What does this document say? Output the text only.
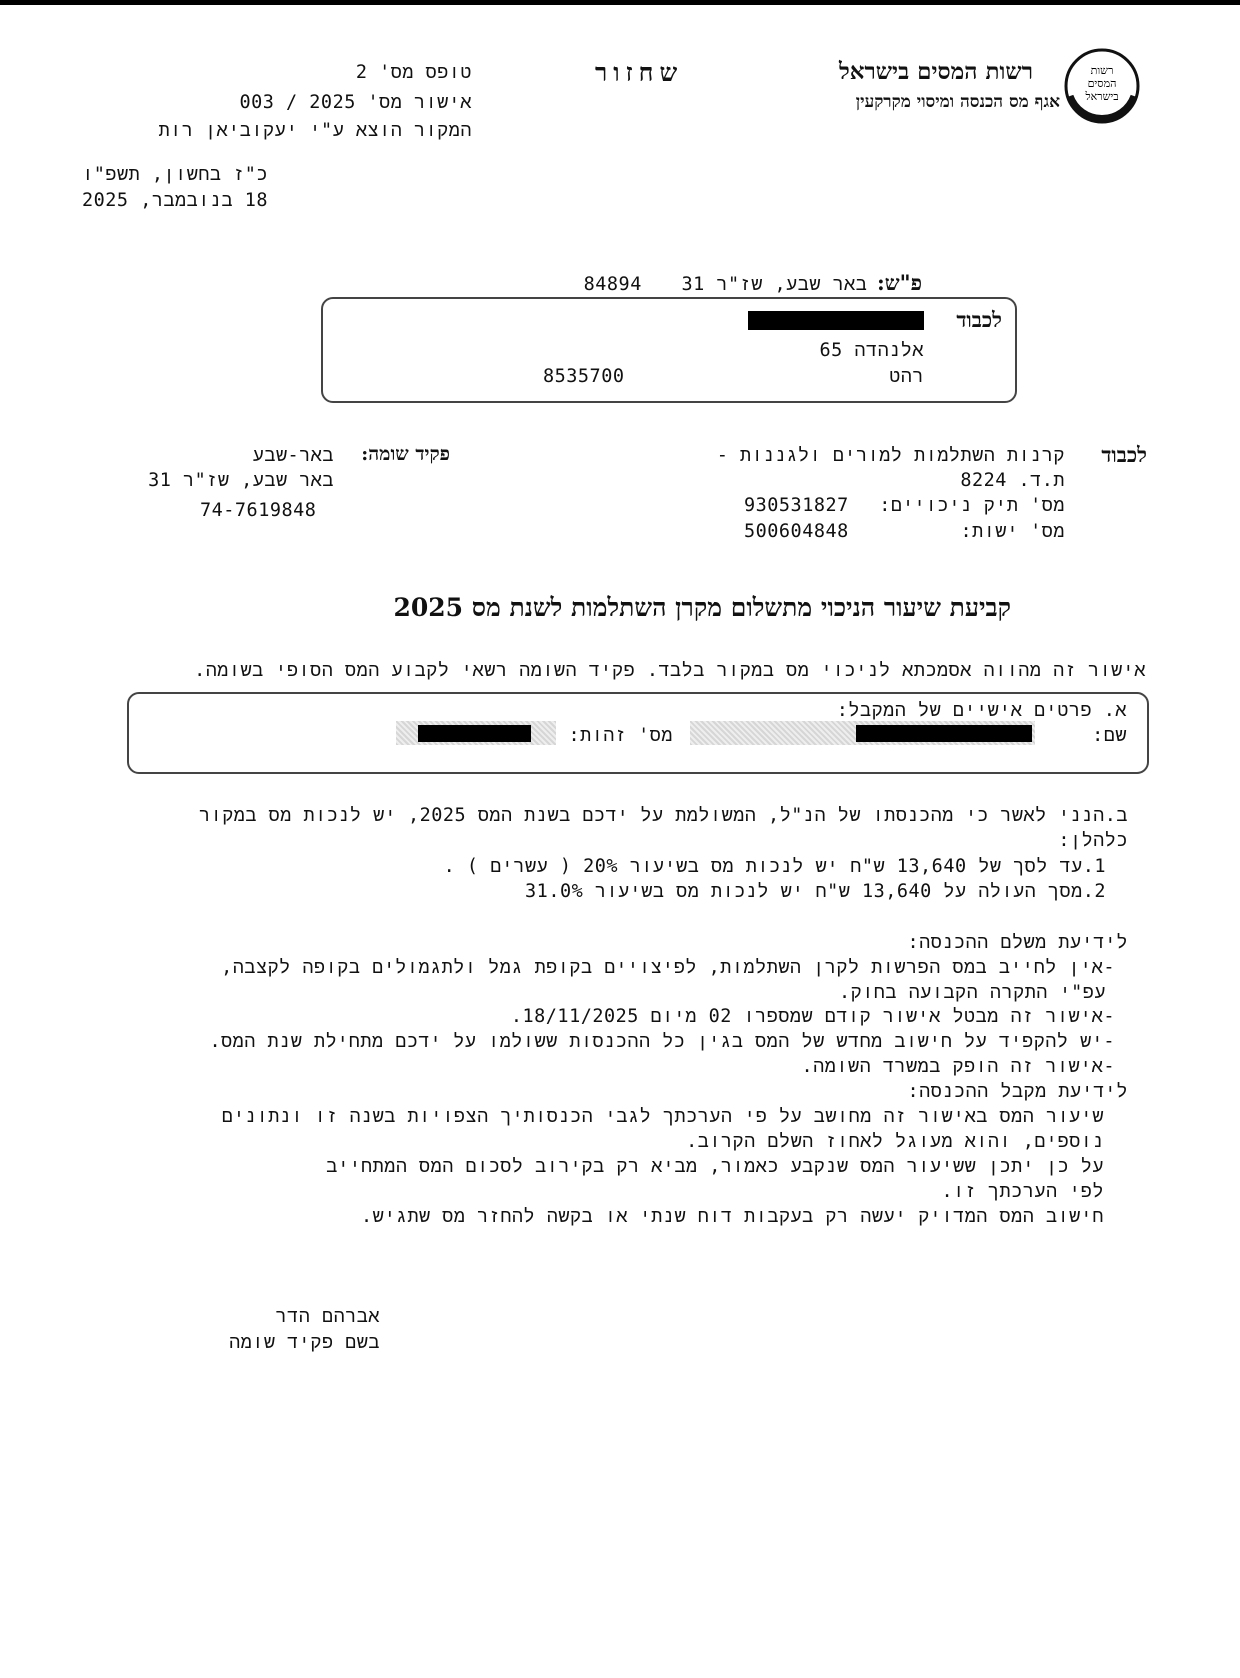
רשות
המסים
בישראל
רשות המסים בישראל
אגף מס הכנסה ומיסוי מקרקעין
שחזור
טופס מס' 2
אישור מס' 2025 / 003
המקור הוצא ע"י יעקוביאן רות
כ"ז בחשון, תשפ"ו
18 בנובמבר, 2025
פ"ש: באר שבע, שז"ר 31 84894
לכבוד
אלנהדה 65
רהט
8535700
לכבוד
קרנות השתלמות למורים ולגננות -
ת.ד. 8224
מס' תיק ניכויים:
930531827
מס' ישות:
500604848
פקיד שומה:
באר-שבע
באר שבע, שז"ר 31
74-7619848
קביעת שיעור הניכוי מתשלום מקרן השתלמות לשנת מס 2025
אישור זה מהווה אסמכתא לניכוי מס במקור בלבד. פקיד השומה רשאי לקבוע המס הסופי בשומה.
א. פרטים אישיים של המקבל:
שם:
מס' זהות:
ב.הנני לאשר כי מהכנסתו של הנ"ל, המשולמת על ידכם בשנת המס 2025, יש לנכות מס במקור
כלהלן:
1.עד לסך של 13,640 ש"ח יש לנכות מס בשיעור 20% ( עשרים ) .
2.מסך העולה על 13,640 ש"ח יש לנכות מס בשיעור 31.0%
לידיעת משלם ההכנסה:
-אין לחייב במס הפרשות לקרן השתלמות, לפיצויים בקופת גמל ולתגמולים בקופה לקצבה,
עפ"י התקרה הקבועה בחוק.
-אישור זה מבטל אישור קודם שמספרו 02 מיום 18/11/2025.
-יש להקפיד על חישוב מחדש של המס בגין כל ההכנסות ששולמו על ידכם מתחילת שנת המס.
-אישור זה הופק במשרד השומה.
לידיעת מקבל ההכנסה:
שיעור המס באישור זה מחושב על פי הערכתך לגבי הכנסותיך הצפויות בשנה זו ונתונים
נוספים, והוא מעוגל לאחוז השלם הקרוב.
על כן יתכן ששיעור המס שנקבע כאמור, מביא רק בקירוב לסכום המס המתחייב
לפי הערכתך זו.
חישוב המס המדויק יעשה רק בעקבות דוח שנתי או בקשה להחזר מס שתגיש.
אברהם הדר
בשם פקיד שומה
